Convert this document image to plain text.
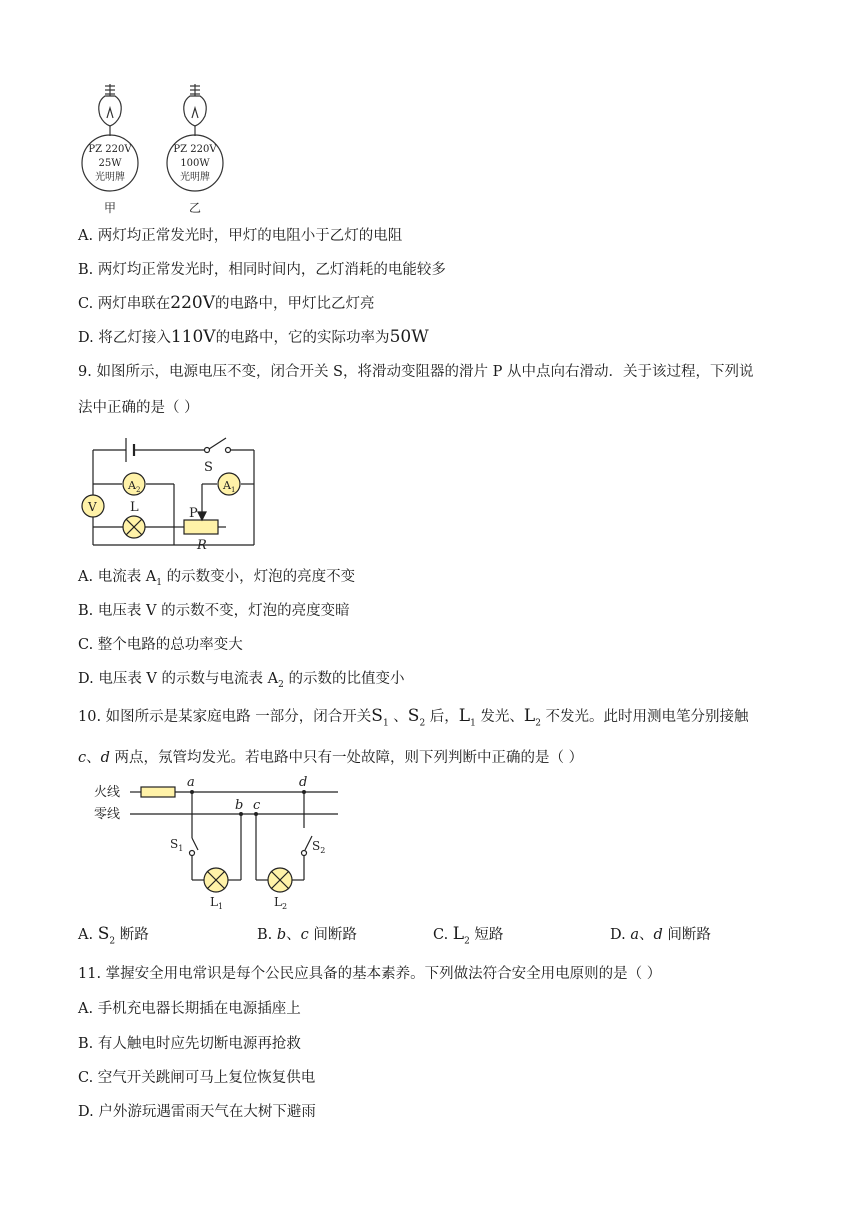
PZ 220V
25W
光明牌
PZ 220V
100W
光明牌
甲	乙
A. 两灯均正常发光时，甲灯的电阻小于乙灯的电阻
B. 两灯均正常发光时，相同时间内，乙灯消耗的电能较多
C. 两灯串联在220V的电路中，甲灯比乙灯亮
D. 将乙灯接入110V的电路中，它的实际功率为50W
9. 如图所示，电源电压不变，闭合开关 S，将滑动变阻器的滑片 P 从中点向右滑动．关于该过程，下列说
法中正确的是（ ）
S
$A_2$	$A_1$
V	L	P
R
A. 电流表 $A_1$ 的示数变小，灯泡的亮度不变
B. 电压表 V 的示数不变，灯泡的亮度变暗
C. 整个电路的总功率变大
D. 电压表 V 的示数与电流表 $A_2$ 的示数的比值变小
10. 如图所示是某家庭电路 一部分，闭合开关$S_1$ 、$S_2$ 后，$L_1$ 发光、$L_2$ 不发光。此时用测电笔分别接触
c、d 两点，氖管均发光。若电路中只有一处故障，则下列判断中正确的是（ ）
火线
零线
a
b c
d
$S_1$	$S_2$
$L_1$	$L_2$
A. $S_2$ 断路	B. b、c 间断路	C. $L_2$ 短路	D. a、d 间断路
11. 掌握安全用电常识是每个公民应具备的基本素养。下列做法符合安全用电原则的是（ ）
A. 手机充电器长期插在电源插座上
B. 有人触电时应先切断电源再抢救
C. 空气开关跳闸可马上复位恢复供电
D. 户外游玩遇雷雨天气在大树下避雨
